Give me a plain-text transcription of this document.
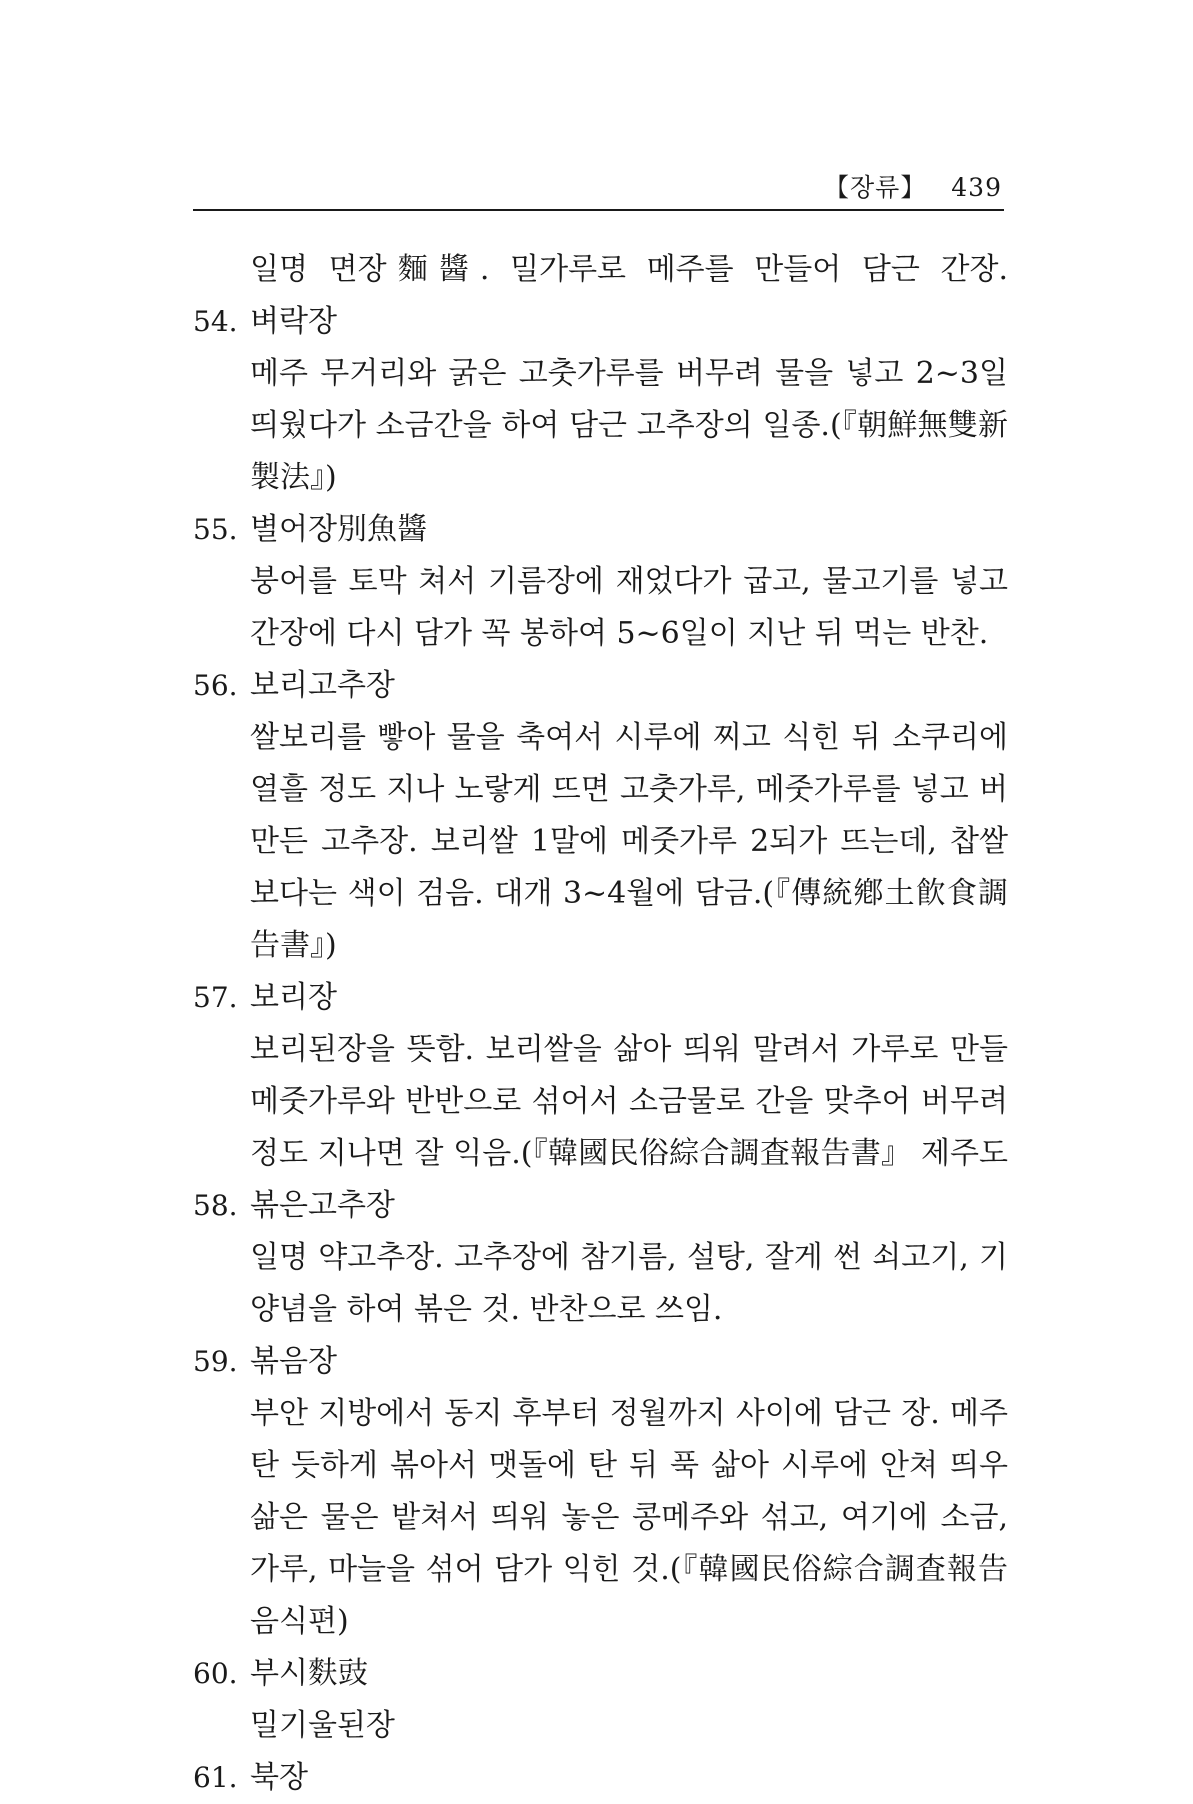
【장류】 439
일명 면장麵醬. 밀가루로 메주를 만들어 담근 간장.
54. 벼락장
메주 무거리와 굵은 고춧가루를 버무려 물을 넣고 2~3일
띄웠다가 소금간을 하여 담근 고추장의 일종.(『朝鮮無雙新
製法』)
55. 별어장別魚醬
붕어를 토막 쳐서 기름장에 재었다가 굽고, 물고기를 넣고
간장에 다시 담가 꼭 봉하여 5~6일이 지난 뒤 먹는 반찬.
56. 보리고추장
쌀보리를 빻아 물을 축여서 시루에 찌고 식힌 뒤 소쿠리에
열흘 정도 지나 노랗게 뜨면 고춧가루, 메줏가루를 넣고 버
만든 고추장. 보리쌀 1말에 메줏가루 2되가 뜨는데, 찹쌀
보다는 색이 검음. 대개 3~4월에 담금.(『傳統鄕土飮食調
告書』)
57. 보리장
보리된장을 뜻함. 보리쌀을 삶아 띄워 말려서 가루로 만들
메줏가루와 반반으로 섞어서 소금물로 간을 맞추어 버무려
정도 지나면 잘 익음.(『韓國民俗綜合調査報告書』 제주도
58. 볶은고추장
일명 약고추장. 고추장에 참기름, 설탕, 잘게 썬 쇠고기, 기
양념을 하여 볶은 것. 반찬으로 쓰임.
59. 볶음장
부안 지방에서 동지 후부터 정월까지 사이에 담근 장. 메주
탄 듯하게 볶아서 맷돌에 탄 뒤 푹 삶아 시루에 안쳐 띄우
삶은 물은 밭쳐서 띄워 놓은 콩메주와 섞고, 여기에 소금,
가루, 마늘을 섞어 담가 익힌 것.(『韓國民俗綜合調査報告
음식편)
60. 부시麩豉
밀기울된장
61. 북장
